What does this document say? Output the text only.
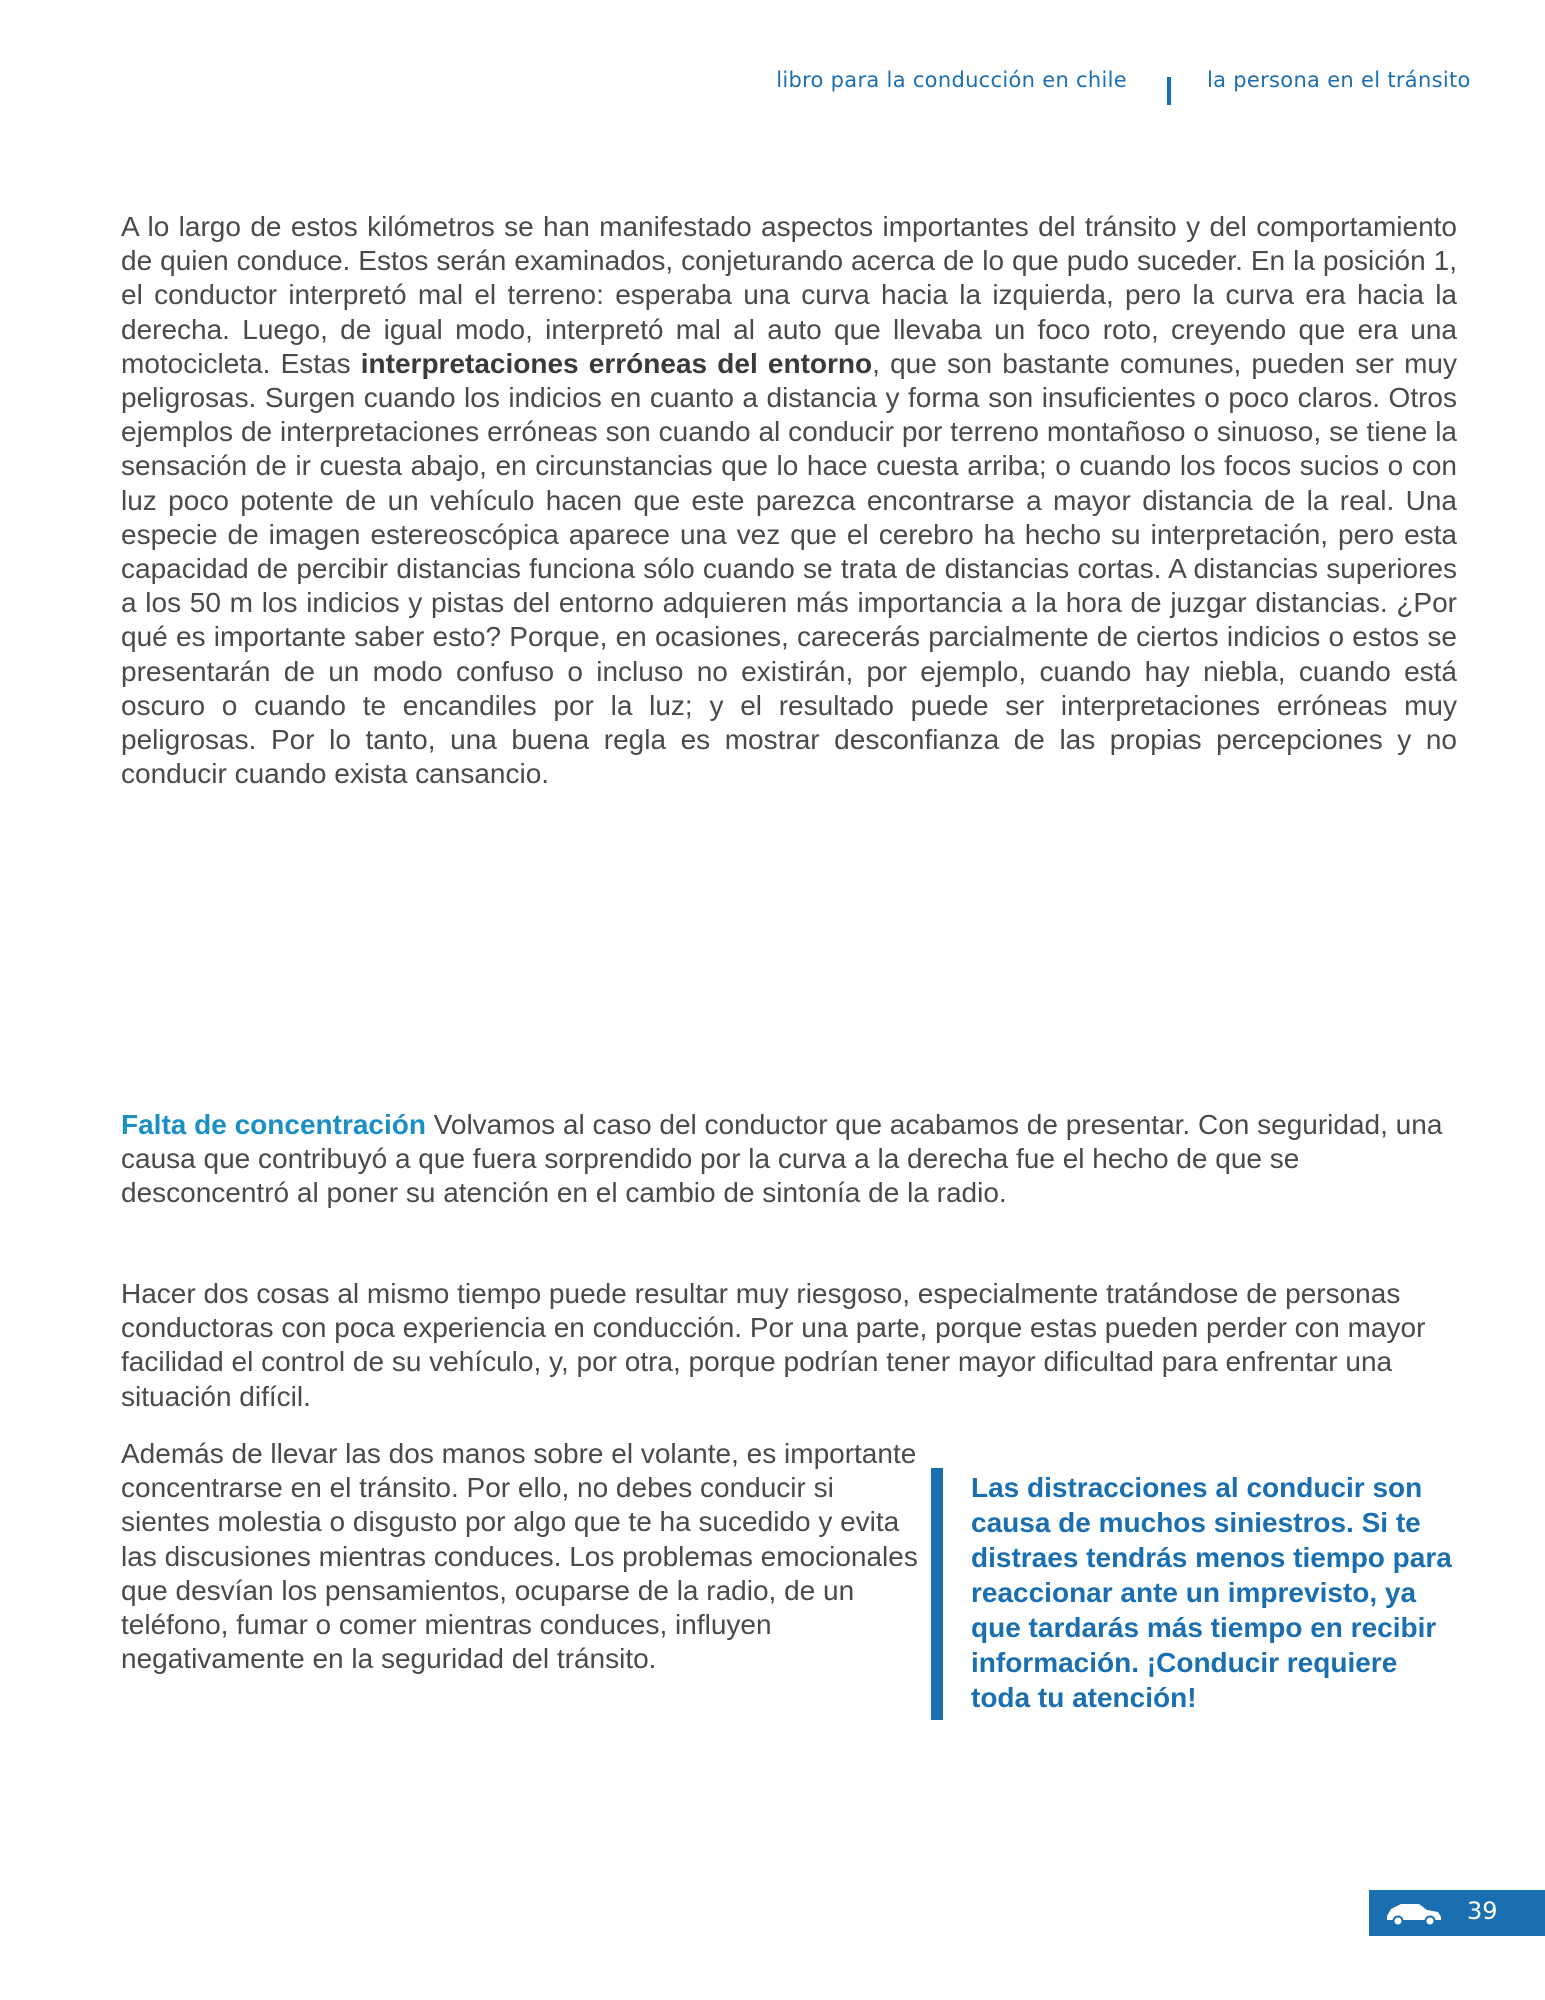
libro para la conducción en chile	la persona en el tránsito

A lo largo de estos kilómetros se han manifestado aspectos importantes del tránsito y del comportamiento de quien conduce. Estos serán examinados, conjeturando acerca de lo que pudo suceder. En la posición 1, el conductor interpretó mal el terreno: esperaba una curva hacia la izquierda, pero la curva era hacia la derecha. Luego, de igual modo, interpretó mal al auto que llevaba un foco roto, creyendo que era una motocicleta. Estas interpretaciones erróneas del entorno, que son bastante comunes, pueden ser muy peligrosas. Surgen cuando los indicios en cuanto a distancia y forma son insuficientes o poco claros. Otros ejemplos de interpretaciones erróneas son cuando al conducir por terreno montañoso o sinuoso, se tiene la sensación de ir cuesta abajo, en circunstancias que lo hace cuesta arriba; o cuando los focos sucios o con luz poco potente de un vehículo hacen que este parezca encontrarse a mayor distancia de la real. Una especie de imagen estereoscópica aparece una vez que el cerebro ha hecho su interpretación, pero esta capacidad de percibir distancias funciona sólo cuando se trata de distancias cortas. A distancias superiores a los 50 m los indicios y pistas del entorno adquieren más importancia a la hora de juzgar distancias. ¿Por qué es importante saber esto? Porque, en ocasiones, carecerás parcialmente de ciertos indicios o estos se presentarán de un modo confuso o incluso no existirán, por ejemplo, cuando hay niebla, cuando está oscuro o cuando te encandiles por la luz; y el resultado puede ser interpretaciones erróneas muy peligrosas. Por lo tanto, una buena regla es mostrar desconfianza de las propias percepciones y no conducir cuando exista cansancio.

Falta de concentración Volvamos al caso del conductor que acabamos de presentar. Con seguridad, una causa que contribuyó a que fuera sorprendido por la curva a la derecha fue el hecho de que se desconcentró al poner su atención en el cambio de sintonía de la radio.

Hacer dos cosas al mismo tiempo puede resultar muy riesgoso, especialmente tratándose de personas conductoras con poca experiencia en conducción. Por una parte, porque estas pueden perder con mayor facilidad el control de su vehículo, y, por otra, porque podrían tener mayor dificultad para enfrentar una situación difícil.

Además de llevar las dos manos sobre el volante, es importante concentrarse en el tránsito. Por ello, no debes conducir si sientes molestia o disgusto por algo que te ha sucedido y evita las discusiones mientras conduces. Los problemas emocionales que desvían los pensamientos, ocuparse de la radio, de un teléfono, fumar o comer mientras conduces, influyen negativamente en la seguridad del tránsito.

Las distracciones al conducir son causa de muchos siniestros. Si te distraes tendrás menos tiempo para reaccionar ante un imprevisto, ya que tardarás más tiempo en recibir información. ¡Conducir requiere toda tu atención!

39
